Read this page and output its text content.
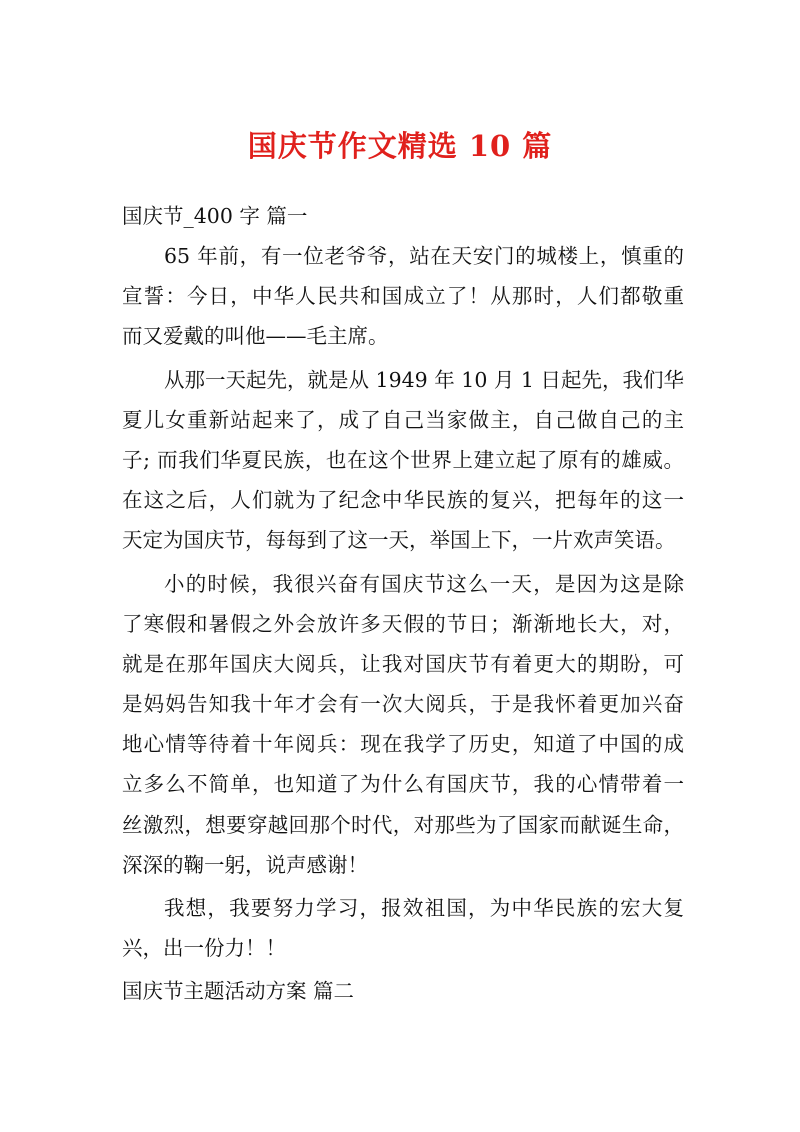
国庆节作文精选 10 篇
国庆节_400 字 篇一
65 年前，有一位老爷爷，站在天安门的城楼上，慎重的
宣誓：今日，中华人民共和国成立了！从那时，人们都敬重
而又爱戴的叫他——毛主席。
从那一天起先，就是从 1949 年 10 月 1 日起先，我们华
夏儿女重新站起来了，成了自己当家做主，自己做自己的主
子; 而我们华夏民族，也在这个世界上建立起了原有的雄威。
在这之后，人们就为了纪念中华民族的复兴，把每年的这一
天定为国庆节，每每到了这一天，举国上下，一片欢声笑语。
小的时候，我很兴奋有国庆节这么一天，是因为这是除
了寒假和暑假之外会放许多天假的节日；渐渐地长大，对，
就是在那年国庆大阅兵，让我对国庆节有着更大的期盼，可
是妈妈告知我十年才会有一次大阅兵，于是我怀着更加兴奋
地心情等待着十年阅兵：现在我学了历史，知道了中国的成
立多么不简单，也知道了为什么有国庆节，我的心情带着一
丝激烈，想要穿越回那个时代，对那些为了国家而献诞生命，
深深的鞠一躬，说声感谢！
我想，我要努力学习，报效祖国，为中华民族的宏大复
兴，出一份力！！
国庆节主题活动方案 篇二
